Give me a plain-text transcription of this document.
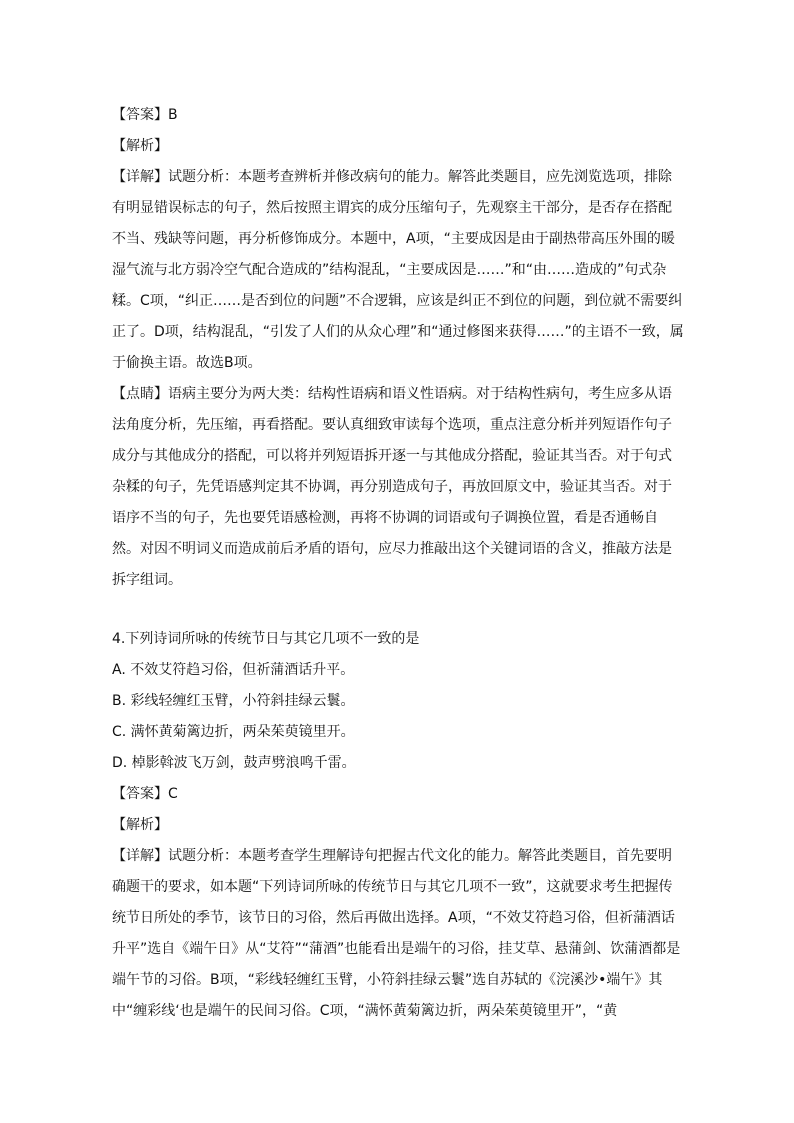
【答案】B
【解析】
【详解】试题分析：本题考查辨析并修改病句的能力。解答此类题目，应先浏览选项，排除有明显错误标志的句子，然后按照主谓宾的成分压缩句子，先观察主干部分，是否存在搭配不当、残缺等问题，再分析修饰成分。本题中，A项，“主要成因是由于副热带高压外围的暖湿气流与北方弱冷空气配合造成的”结构混乱，“主要成因是……”和“由……造成的”句式杂糅。C项，“纠正……是否到位的问题”不合逻辑，应该是纠正不到位的问题，到位就不需要纠正了。D项，结构混乱，“引发了人们的从众心理”和“通过修图来获得……”的主语不一致，属于偷换主语。故选B项。
【点睛】语病主要分为两大类：结构性语病和语义性语病。对于结构性病句，考生应多从语法角度分析，先压缩，再看搭配。要认真细致审读每个选项，重点注意分析并列短语作句子成分与其他成分的搭配，可以将并列短语拆开逐一与其他成分搭配，验证其当否。对于句式杂糅的句子，先凭语感判定其不协调，再分别造成句子，再放回原文中，验证其当否。对于语序不当的句子，先也要凭语感检测，再将不协调的词语或句子调换位置，看是否通畅自然。对因不明词义而造成前后矛盾的语句，应尽力推敲出这个关键词语的含义，推敲方法是拆字组词。
4.下列诗词所咏的传统节日与其它几项不一致的是
A. 不效艾符趋习俗，但祈蒲酒话升平。
B. 彩线轻缠红玉臂，小符斜挂绿云鬟。
C. 满怀黄菊篱边折，两朵茱萸镜里开。
D. 棹影斡波飞万剑，鼓声劈浪鸣千雷。
【答案】C
【解析】
【详解】试题分析：本题考查学生理解诗句把握古代文化的能力。解答此类题目，首先要明确题干的要求，如本题“下列诗词所咏的传统节日与其它几项不一致”，这就要求考生把握传统节日所处的季节，该节日的习俗，然后再做出选择。A项，“不效艾符趋习俗，但祈蒲酒话升平”选自《端午日》从“艾符”“蒲酒”也能看出是端午的习俗，挂艾草、悬蒲剑、饮蒲酒都是端午节的习俗。B项，“彩线轻缠红玉臂，小符斜挂绿云鬟”选自苏轼的《浣溪沙•端午》其中“缠彩线‘也是端午的民间习俗。C项，“满怀黄菊篱边折，两朵茱萸镜里开”，“黄
